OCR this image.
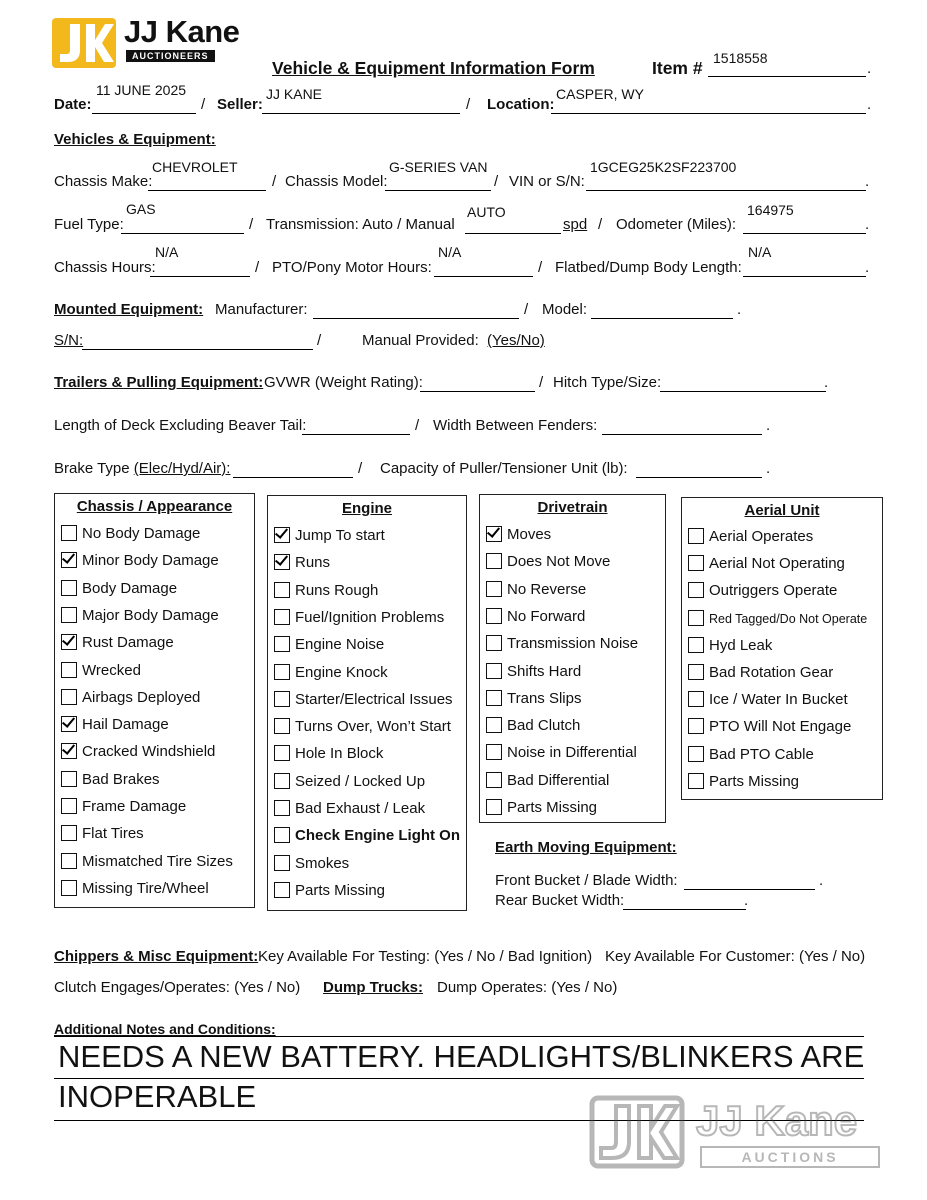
JJ Kane
AUCTIONEERS
Vehicle & Equipment Information Form	Item #	.
1518558
Date:
11 JUNE 2025
/ Seller:
JJ KANE
/ Location:
CASPER, WY
.
Vehicles & Equipment:
Chassis Make:
CHEVROLET
/ Chassis Model:
G-SERIES VAN
/ VIN or S/N:
1GCEG25K2SF223700
.
Fuel Type:
GAS
/ Transmission: Auto / Manual
AUTO
spd / Odometer (Miles):
164975
.
Chassis Hours:
N/A
/ PTO/Pony Motor Hours:
N/A
/ Flatbed/Dump Body Length:
N/A
.
Mounted Equipment: Manufacturer:	/ Model:	.
S/N:	/	Manual Provided: (Yes/No)
Trailers & Pulling Equipment: GVWR (Weight Rating):	/ Hitch Type/Size:	.
Length of Deck Excluding Beaver Tail:	/ Width Between Fenders:	.
Brake Type (Elec/Hyd/Air):	/ Capacity of Puller/Tensioner Unit (lb):	.
Chassis / Appearance
No Body Damage
Minor Body Damage
Body Damage
Major Body Damage
Rust Damage
Wrecked
Airbags Deployed
Hail Damage
Cracked Windshield
Bad Brakes
Frame Damage
Flat Tires
Mismatched Tire Sizes
Missing Tire/Wheel
Engine
Jump To start
Runs
Runs Rough
Fuel/Ignition Problems
Engine Noise
Engine Knock
Starter/Electrical Issues
Turns Over, Won’t Start
Hole In Block
Seized / Locked Up
Bad Exhaust / Leak
Check Engine Light On
Smokes
Parts Missing
Drivetrain
Moves
Does Not Move
No Reverse
No Forward
Transmission Noise
Shifts Hard
Trans Slips
Bad Clutch
Noise in Differential
Bad Differential
Parts Missing
Aerial Unit
Aerial Operates
Aerial Not Operating
Outriggers Operate
Red Tagged/Do Not Operate
Hyd Leak
Bad Rotation Gear
Ice / Water In Bucket
PTO Will Not Engage
Bad PTO Cable
Parts Missing
Earth Moving Equipment:
Front Bucket / Blade Width:	.
Rear Bucket Width:	.
Chippers & Misc Equipment: Key Available For Testing: (Yes / No / Bad Ignition) Key Available For Customer: (Yes / No)
Clutch Engages/Operates: (Yes / No) Dump Trucks: Dump Operates: (Yes / No)
Additional Notes and Conditions:
NEEDS A NEW BATTERY. HEADLIGHTS/BLINKERS ARE
INOPERABLE
JJ Kane
AUCTIONS
